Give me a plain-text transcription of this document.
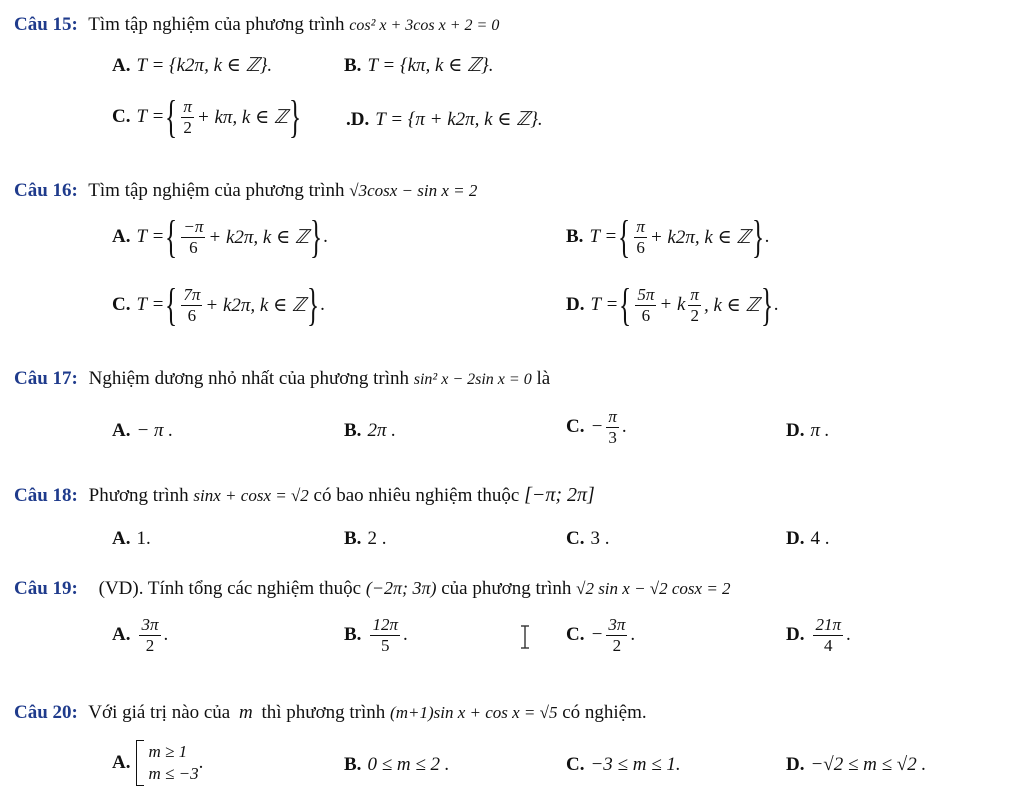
Câu 15: Tìm tập nghiệm của phương trình cos² x + 3cos x + 2 = 0
A. T = {k2π, k ∈ ℤ}.	B. T = {kπ, k ∈ ℤ}.
C. T = { $\frac{\pi}{2} + k\pi$, k ∈ ℤ } .D. T = {π + k2π, k ∈ ℤ}.
Câu 16: Tìm tập nghiệm của phương trình √3cosx − sin x = 2
A. T = { $\frac{-\pi}{6} + k2\pi$, k ∈ ℤ } .	B. T = { $\frac{\pi}{6} + k2\pi$, k ∈ ℤ } .
C. T = { $\frac{7\pi}{6} + k2\pi$, k ∈ ℤ } .	D. T = { $\frac{5\pi}{6} + k \frac{\pi}{2}$ , k ∈ ℤ } .
Câu 17: Nghiệm dương nhỏ nhất của phương trình sin² x − 2sin x = 0 là
A. − π .	B. 2π .	C. − $\frac{\pi}{3}$ .	D. π .
Câu 18: Phương trình sinx + cosx = √2 có bao nhiêu nghiệm thuộc [−π; 2π]
A. 1.	B. 2 .	C. 3 .	D. 4 .
Câu 19: (VD). Tính tổng các nghiệm thuộc (−2π; 3π) của phương trình √2 sin x − √2 cosx = 2
A. $\frac{3\pi}{2}$ .	B. $\frac{12\pi}{5}$ .	C. − $\frac{3\pi}{2}$ .	D. $\frac{21\pi}{4}$ .
Câu 20: Với giá trị nào của m thì phương trình (m+1)sin x + cos x = √5 có nghiệm.
A.
m ≥ 1
m ≤ −3
.	B. 0 ≤ m ≤ 2 .	C. −3 ≤ m ≤ 1.	D. −√2 ≤ m ≤ √2 .
